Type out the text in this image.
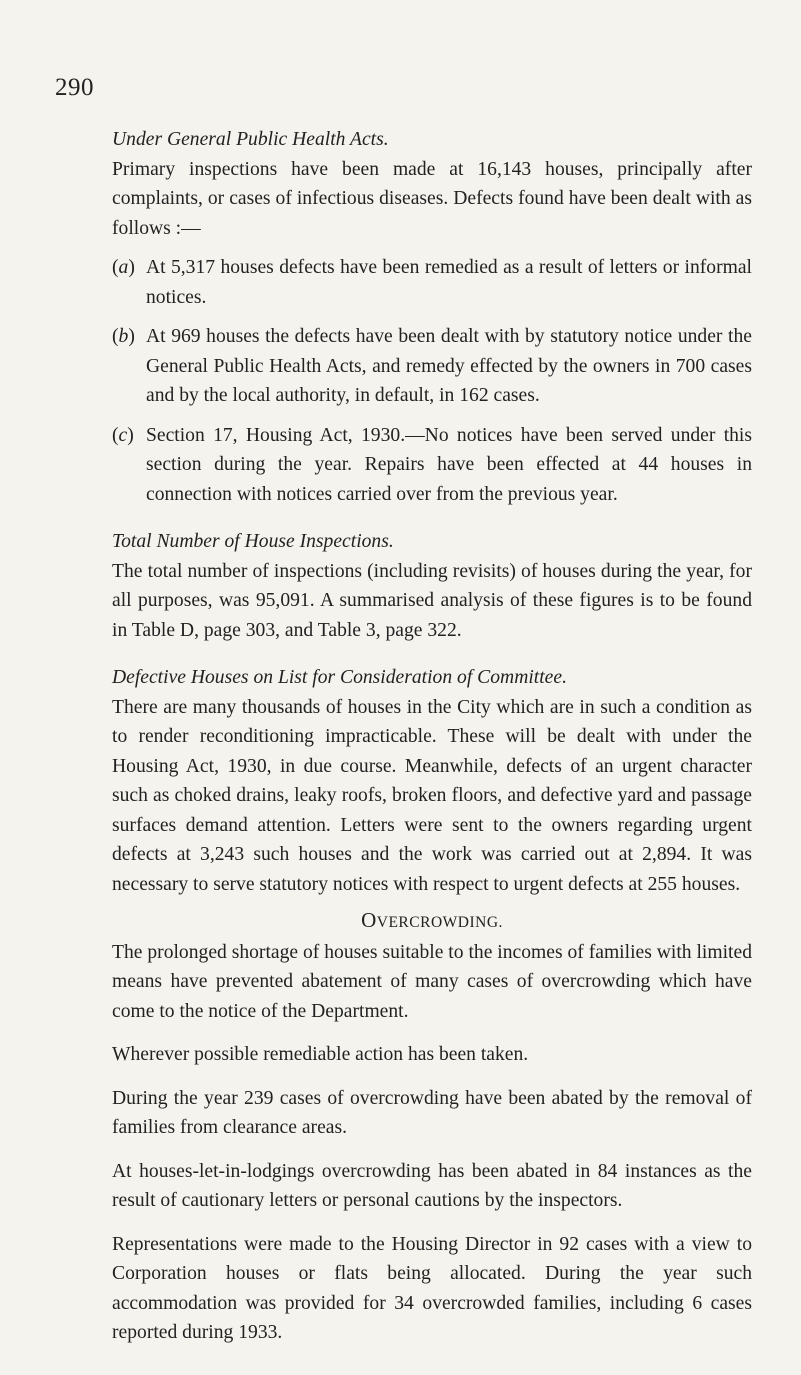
290

Under General Public Health Acts.

Primary inspections have been made at 16,143 houses, principally after complaints, or cases of infectious diseases. Defects found have been dealt with as follows :—

(a) At 5,317 houses defects have been remedied as a result of letters or informal notices.
(b) At 969 houses the defects have been dealt with by statutory notice under the General Public Health Acts, and remedy effected by the owners in 700 cases and by the local authority, in default, in 162 cases.
(c) Section 17, Housing Act, 1930.—No notices have been served under this section during the year. Repairs have been effected at 44 houses in connection with notices carried over from the previous year.

Total Number of House Inspections.

The total number of inspections (including revisits) of houses during the year, for all purposes, was 95,091. A summarised analysis of these figures is to be found in Table D, page 303, and Table 3, page 322.

Defective Houses on List for Consideration of Committee.

There are many thousands of houses in the City which are in such a condition as to render reconditioning impracticable. These will be dealt with under the Housing Act, 1930, in due course. Meanwhile, defects of an urgent character such as choked drains, leaky roofs, broken floors, and defective yard and passage surfaces demand attention. Letters were sent to the owners regarding urgent defects at 3,243 such houses and the work was carried out at 2,894. It was necessary to serve statutory notices with respect to urgent defects at 255 houses.

OVERCROWDING.

The prolonged shortage of houses suitable to the incomes of families with limited means have prevented abatement of many cases of overcrowding which have come to the notice of the Department.

Wherever possible remediable action has been taken.

During the year 239 cases of overcrowding have been abated by the removal of families from clearance areas.

At houses-let-in-lodgings overcrowding has been abated in 84 instances as the result of cautionary letters or personal cautions by the inspectors.

Representations were made to the Housing Director in 92 cases with a view to Corporation houses or flats being allocated. During the year such accommodation was provided for 34 overcrowded families, including 6 cases reported during 1933.
